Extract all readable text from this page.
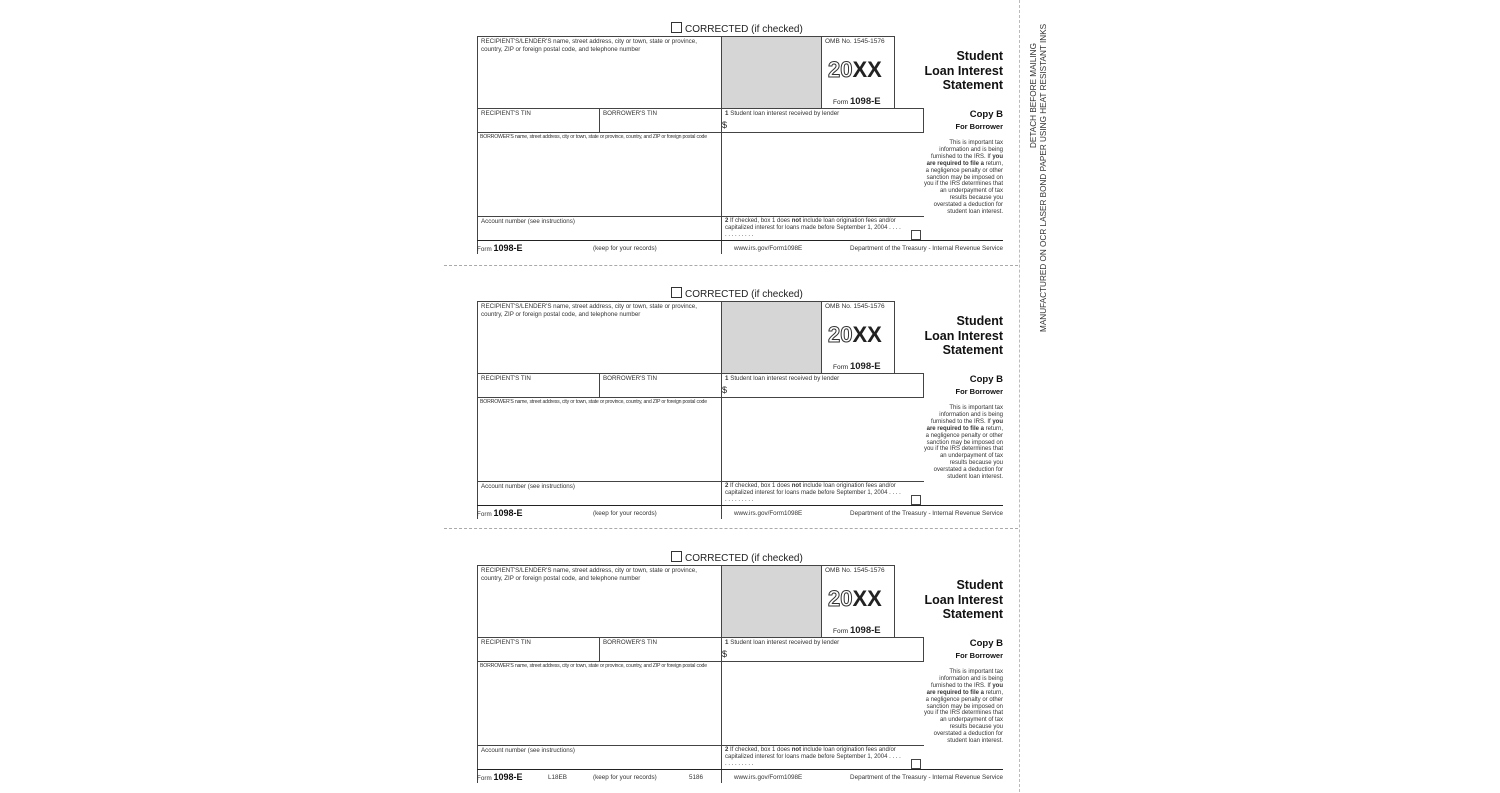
CORRECTED (if checked)
RECIPIENT'S/LENDER'S name, street address, city or town, state or province, country, ZIP or foreign postal code, and telephone number
OMB No. 1545-1576
20XX
Form 1098-E
Student
Loan Interest
Statement
RECIPIENT'S TIN	BORROWER'S TIN	1 Student loan interest received by lender
$
Copy B
For Borrower
BORROWER'S name, street address, city or town, state or province, country, and ZIP or foreign postal code
This is important tax information and is being furnished to the IRS. If you are required to file a return, a negligence penalty or other sanction may be imposed on you if the IRS determines that an underpayment of tax results because you overstated a deduction for student loan interest.
Account number (see instructions)	2 If checked, box 1 does not include loan origination fees and/or capitalized interest for loans made before September 1, 2004 . . . . . . . . . . . . .
Form 1098-E	(keep for your records)	www.irs.gov/Form1098E	Department of the Treasury - Internal Revenue Service
CORRECTED (if checked)
RECIPIENT'S/LENDER'S name, street address, city or town, state or province, country, ZIP or foreign postal code, and telephone number
OMB No. 1545-1576
20XX
Form 1098-E
Student
Loan Interest
Statement
RECIPIENT'S TIN	BORROWER'S TIN	1 Student loan interest received by lender
$
Copy B
For Borrower
BORROWER'S name, street address, city or town, state or province, country, and ZIP or foreign postal code
This is important tax information and is being furnished to the IRS. If you are required to file a return, a negligence penalty or other sanction may be imposed on you if the IRS determines that an underpayment of tax results because you overstated a deduction for student loan interest.
Account number (see instructions)	2 If checked, box 1 does not include loan origination fees and/or capitalized interest for loans made before September 1, 2004 . . . . . . . . . . . . .
Form 1098-E	(keep for your records)	www.irs.gov/Form1098E	Department of the Treasury - Internal Revenue Service
CORRECTED (if checked)
RECIPIENT'S/LENDER'S name, street address, city or town, state or province, country, ZIP or foreign postal code, and telephone number
OMB No. 1545-1576
20XX
Form 1098-E
Student
Loan Interest
Statement
RECIPIENT'S TIN	BORROWER'S TIN	1 Student loan interest received by lender
$
Copy B
For Borrower
BORROWER'S name, street address, city or town, state or province, country, and ZIP or foreign postal code
This is important tax information and is being furnished to the IRS. If you are required to file a return, a negligence penalty or other sanction may be imposed on you if the IRS determines that an underpayment of tax results because you overstated a deduction for student loan interest.
Account number (see instructions)	2 If checked, box 1 does not include loan origination fees and/or capitalized interest for loans made before September 1, 2004 . . . . . . . . . . . . .
Form 1098-E	L18EB	(keep for your records)	5186	www.irs.gov/Form1098E	Department of the Treasury - Internal Revenue Service
DETACH BEFORE MAILING MANUFACTURED ON OCR LASER BOND PAPER USING HEAT RESISTANT INKS
